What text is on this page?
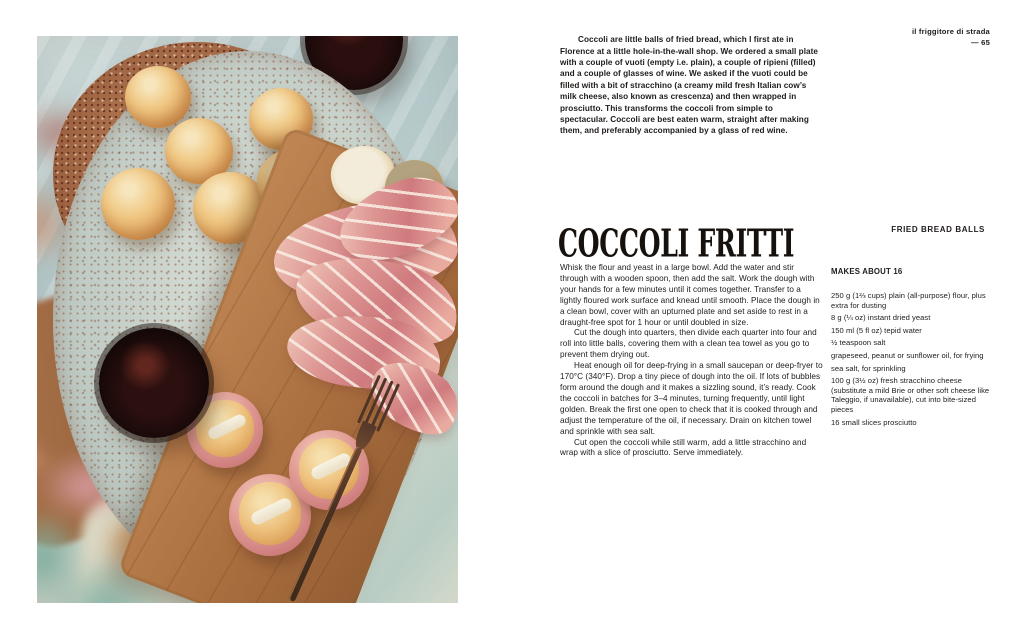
il friggitore di strada
— 65

Coccoli are little balls of fried bread, which I first ate in Florence at a little hole-in-the-wall shop. We ordered a small plate with a couple of vuoti (empty i.e. plain), a couple of ripieni (filled) and a couple of glasses of wine. We asked if the vuoti could be filled with a bit of stracchino (a creamy mild fresh Italian cow’s milk cheese, also known as crescenza) and then wrapped in prosciutto. This transforms the coccoli from simple to spectacular. Coccoli are best eaten warm, straight after making them, and preferably accompanied by a glass of red wine.

COCCOLI FRITTI	FRIED BREAD BALLS

Whisk the flour and yeast in a large bowl. Add the water and stir through with a wooden spoon, then add the salt. Work the dough with your hands for a few minutes until it comes together. Transfer to a lightly floured work surface and knead until smooth. Place the dough in a clean bowl, cover with an upturned plate and set aside to rest in a draught-free spot for 1 hour or until doubled in size.

Cut the dough into quarters, then divide each quarter into four and roll into little balls, covering them with a clean tea towel as you go to prevent them drying out.

Heat enough oil for deep-frying in a small saucepan or deep-fryer to 170°C (340°F). Drop a tiny piece of dough into the oil. If lots of bubbles form around the dough and it makes a sizzling sound, it’s ready. Cook the coccoli in batches for 3–4 minutes, turning frequently, until light golden. Break the first one open to check that it is cooked through and adjust the temperature of the oil, if necessary. Drain on kitchen towel and sprinkle with sea salt.

Cut open the coccoli while still warm, add a little stracchino and wrap with a slice of prosciutto. Serve immediately.

MAKES ABOUT 16

250 g (1⅔ cups) plain (all-purpose) flour, plus extra for dusting

8 g (¼ oz) instant dried yeast

150 ml (5 fl oz) tepid water

½ teaspoon salt

grapeseed, peanut or sunflower oil, for frying

sea salt, for sprinkling

100 g (3½ oz) fresh stracchino cheese (substitute a mild Brie or other soft cheese like Taleggio, if unavailable), cut into bite-sized pieces

16 small slices prosciutto
